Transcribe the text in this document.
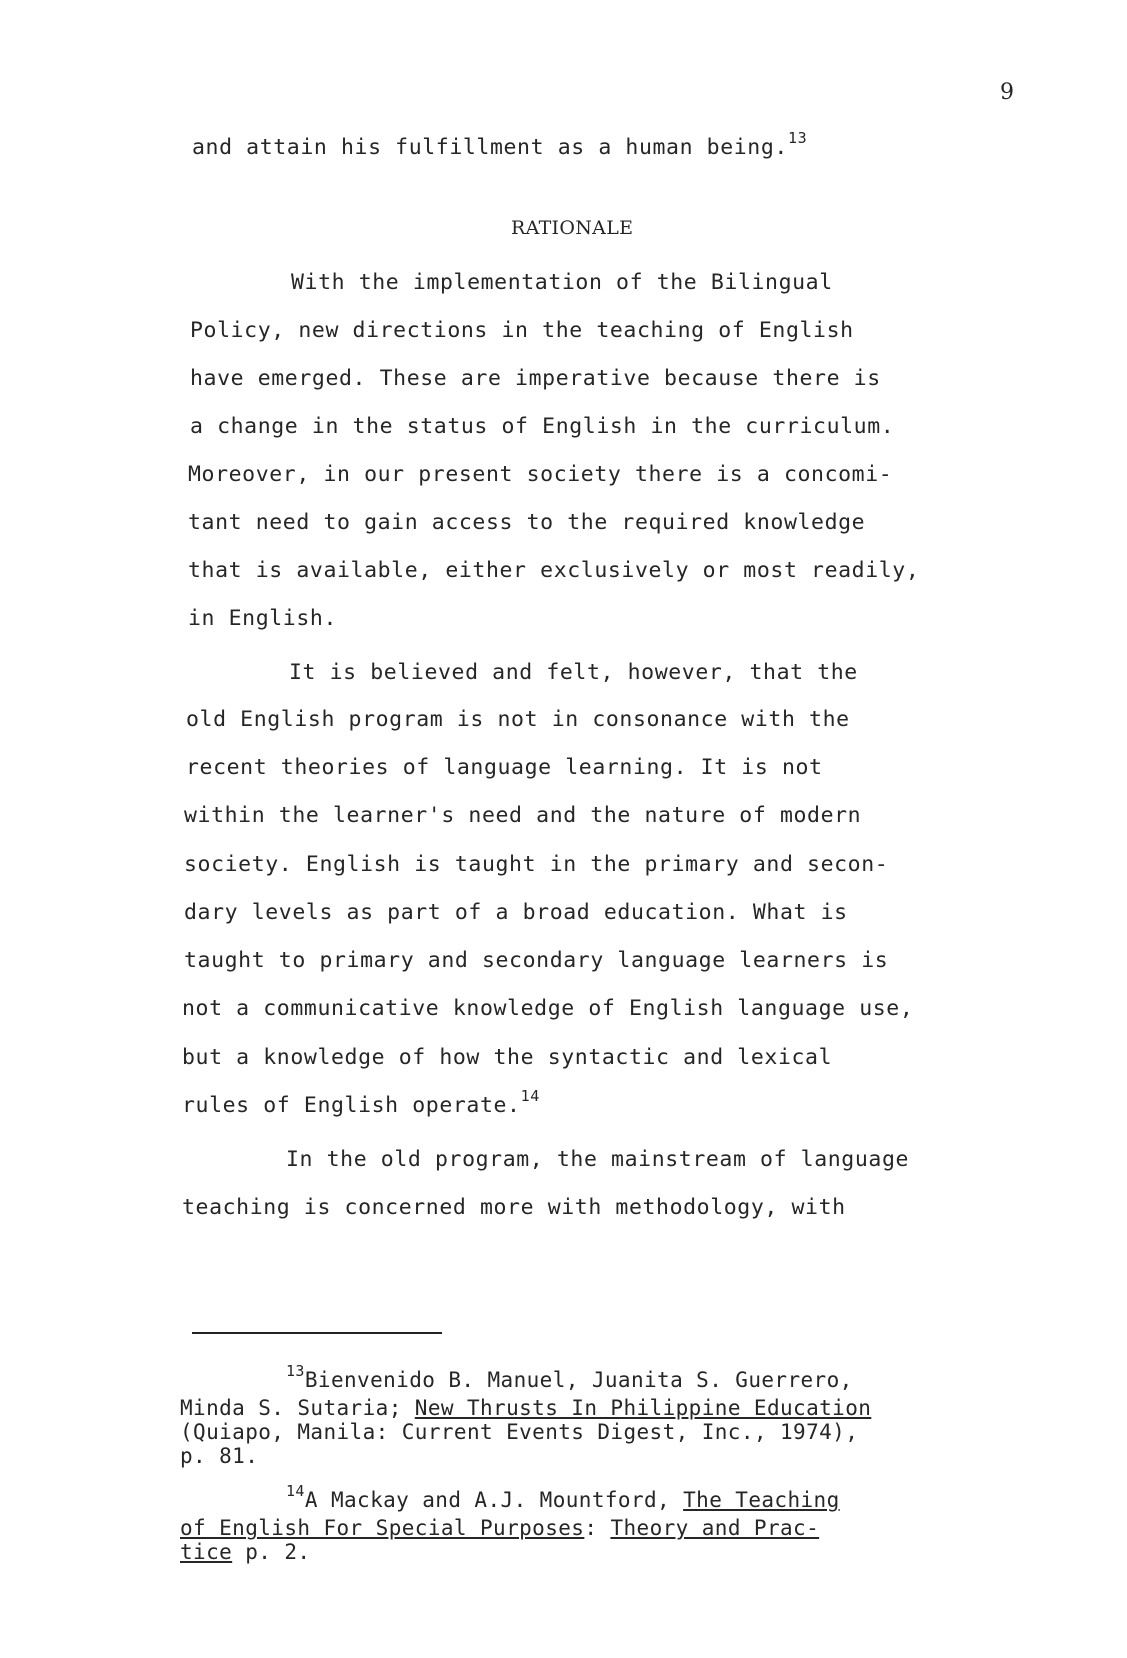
9
and attain his fulfillment as a human being.$^{13}$
RATIONALE
With the implementation of the Bilingual
Policy, new directions in the teaching of English
have emerged. These are imperative because there is
a change in the status of English in the curriculum.
Moreover, in our present society there is a concomi-
tant need to gain access to the required knowledge
that is available, either exclusively or most readily,
in English.
It is believed and felt, however, that the
old English program is not in consonance with the
recent theories of language learning. It is not
within the learner's need and the nature of modern
society. English is taught in the primary and secon-
dary levels as part of a broad education. What is
taught to primary and secondary language learners is
not a communicative knowledge of English language use,
but a knowledge of how the syntactic and lexical
rules of English operate.$^{14}$
In the old program, the mainstream of language
teaching is concerned more with methodology, with
$^{13}$Bienvenido B. Manuel, Juanita S. Guerrero,
Minda S. Sutaria; New Thrusts In Philippine Education
(Quiapo, Manila: Current Events Digest, Inc., 1974),
p. 81.
$^{14}$A Mackay and A.J. Mountford, The Teaching
of English For Special Purposes: Theory and Prac-
tice p. 2.
